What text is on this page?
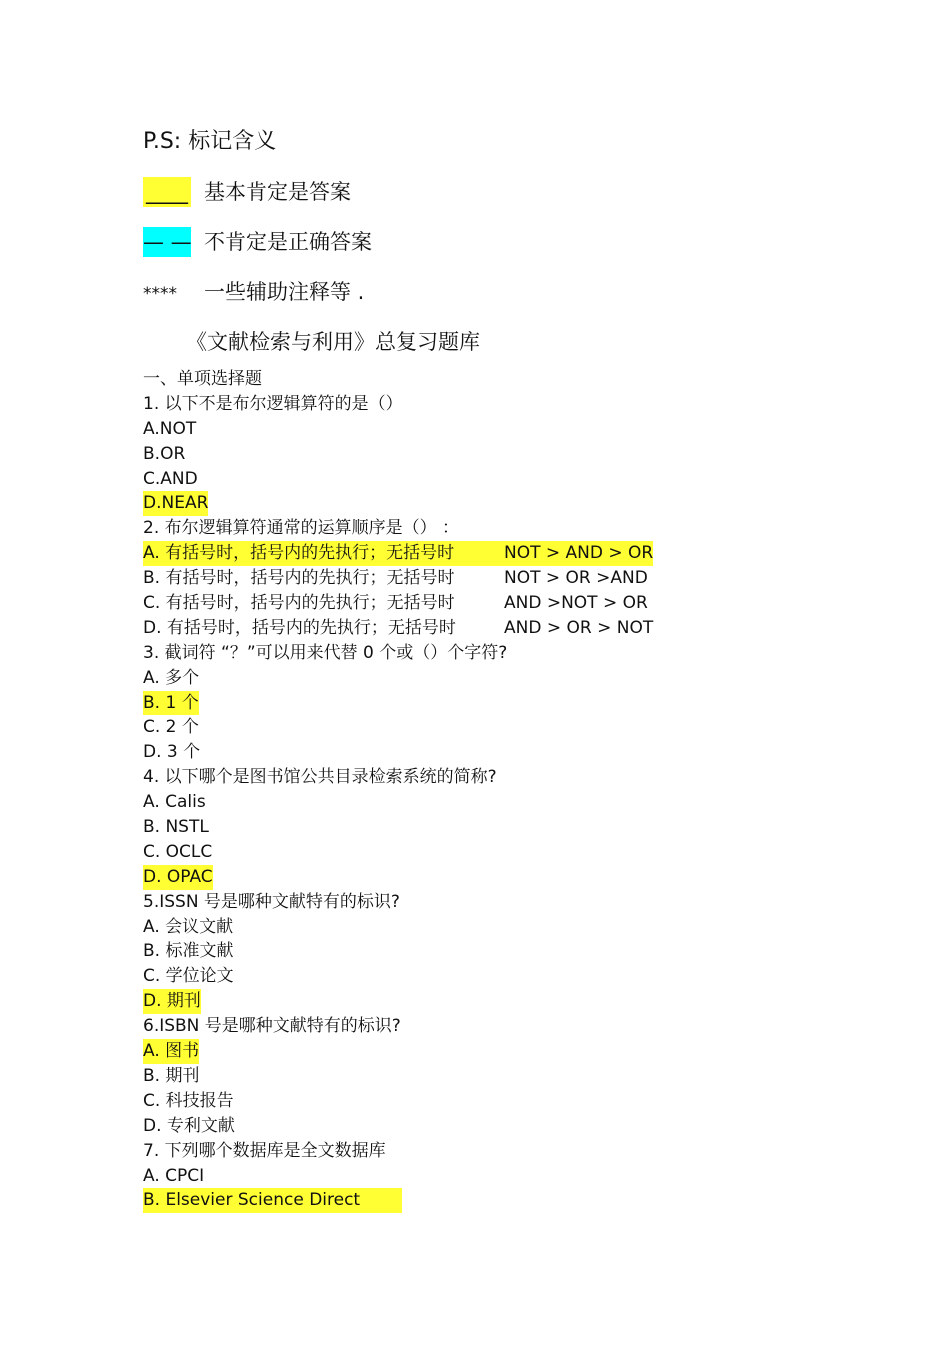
P.S: 标记含义
____ 基本肯定是答案
— — 不肯定是正确答案
**** 一些辅助注释等 .
《文献检索与利用》总复习题库
一、单项选择题
1. 以下不是布尔逻辑算符的是（）
A.NOT
B.OR
C.AND
D.NEAR
2. 布尔逻辑算符通常的运算顺序是（） ：
A. 有括号时，括号内的先执行；无括号时	NOT > AND > OR
B. 有括号时，括号内的先执行；无括号时	NOT > OR >AND
C. 有括号时，括号内的先执行；无括号时	AND >NOT > OR
D. 有括号时，括号内的先执行；无括号时	AND > OR > NOT
3. 截词符 “？”可以用来代替 0 个或（）个字符?
A. 多个
B. 1 个
C. 2 个
D. 3 个
4. 以下哪个是图书馆公共目录检索系统的简称?
A. Calis
B. NSTL
C. OCLC
D. OPAC
5.ISSN 号是哪种文献特有的标识?
A. 会议文献
B. 标准文献
C. 学位论文
D. 期刊
6.ISBN 号是哪种文献特有的标识?
A. 图书
B. 期刊
C. 科技报告
D. 专利文献
7. 下列哪个数据库是全文数据库
A. CPCI
B. Elsevier Science Direct
